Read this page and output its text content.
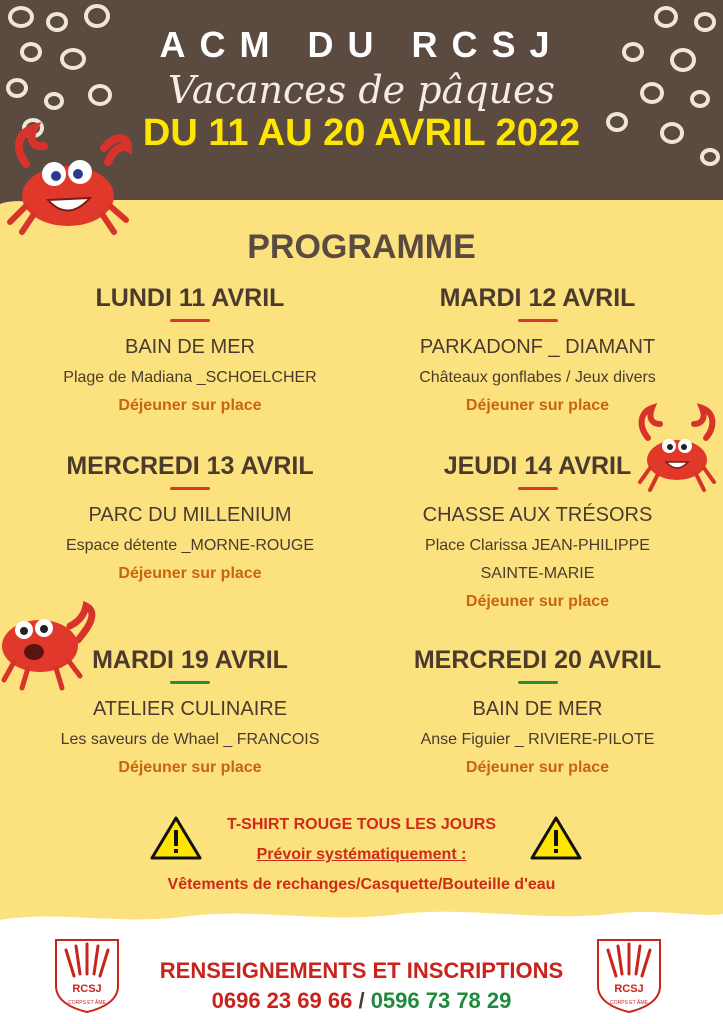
ACM DU RCSJ
Vacances de pâques
DU 11 AU 20 AVRIL 2022
PROGRAMME
LUNDI 11 AVRIL
BAIN DE MER
Plage de Madiana _SCHOELCHER
Déjeuner sur place
MARDI 12 AVRIL
PARKADONF _ DIAMANT
Châteaux gonflabes / Jeux divers
Déjeuner sur place
MERCREDI 13 AVRIL
PARC DU MILLENIUM
Espace détente _MORNE-ROUGE
Déjeuner sur place
JEUDI 14 AVRIL
CHASSE AUX TRÉSORS
Place Clarissa JEAN-PHILIPPE
SAINTE-MARIE
Déjeuner sur place
MARDI 19 AVRIL
ATELIER CULINAIRE
Les saveurs de Whael _ FRANCOIS
Déjeuner sur place
MERCREDI 20 AVRIL
BAIN DE MER
Anse Figuier _ RIVIERE-PILOTE
Déjeuner sur place
T-SHIRT ROUGE TOUS LES JOURS
Prévoir systématiquement :
Vêtements de rechanges/Casquette/Bouteille d'eau
RCSJ
CORPS ET ÂME
RCSJ
CORPS ET ÂME
RENSEIGNEMENTS ET INSCRIPTIONS
0696 23 69 66 / 0596 73 78 29
